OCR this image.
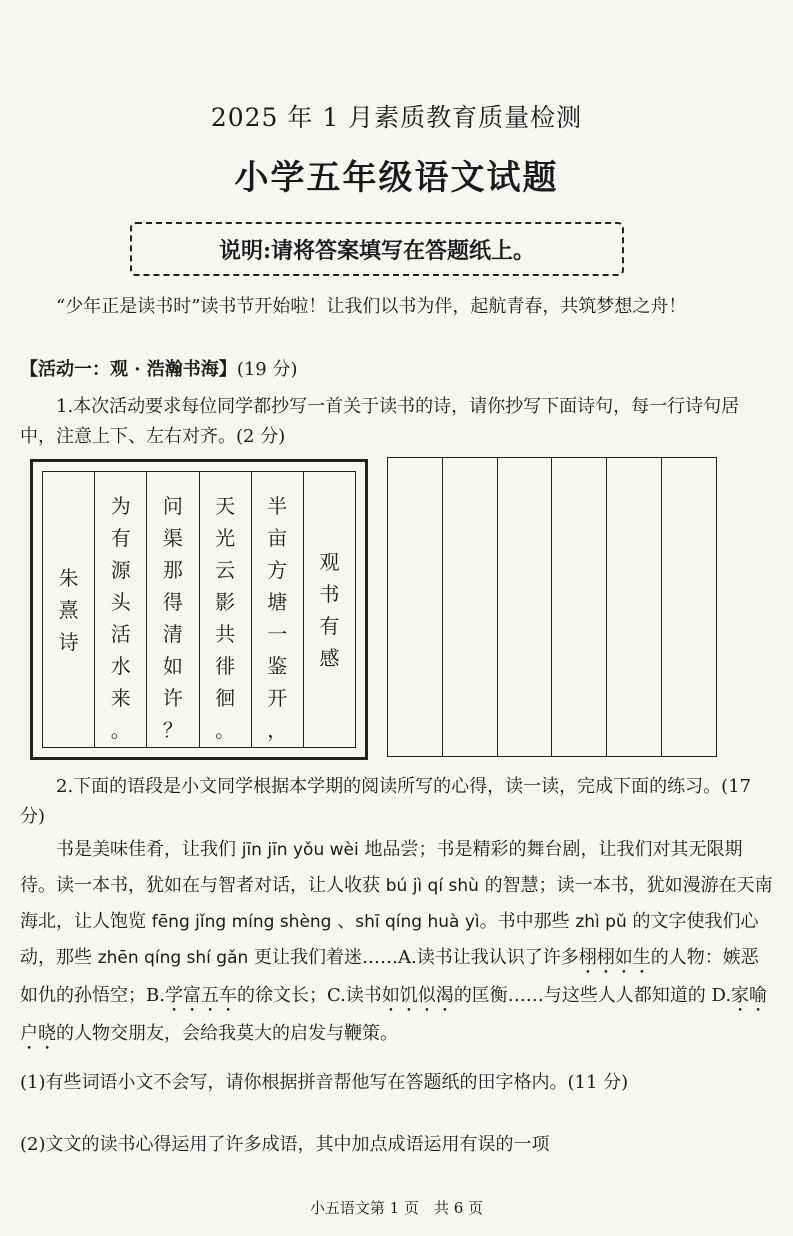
2025 年 1 月素质教育质量检测
小学五年级语文试题
说明:请将答案填写在答题纸上。
“少年正是读书时”读书节开始啦！让我们以书为伴，起航青春，共筑梦想之舟！
【活动一：观 · 浩瀚书海】(19 分)
1.本次活动要求每位同学都抄写一首关于读书的诗，请你抄写下面诗句，每一行诗句居中，注意上下、左右对齐。(2 分)
朱
熹
诗
为
有
源
头
活
水
来
。
问
渠
那
得
清
如
许
？
天
光
云
影
共
徘
徊
。
半
亩
方
塘
一
鉴
开
，
观
书
有
感
2.下面的语段是小文同学根据本学期的阅读所写的心得，读一读，完成下面的练习。(17 分)
书是美味佳肴，让我们 jīn jīn yǒu wèi 地品尝；书是精彩的舞台剧，让我们对其无限期待。读一本书，犹如在与智者对话，让人收获 bú jì qí shù 的智慧；读一本书，犹如漫游在天南海北，让人饱览 fēng jǐng míng shèng 、shī qíng huà yì。书中那些 zhì pǔ 的文字使我们心动，那些 zhēn qíng shí gǎn 更让我们着迷……A.读书让我认识了许多栩栩如生的人物：嫉恶如仇的孙悟空；B.学富五车的徐文长；C.读书如饥似渴的匡衡……与这些人人都知道的 D.家喻户晓的人物交朋友，会给我莫大的启发与鞭策。
(1)有些词语小文不会写，请你根据拼音帮他写在答题纸的田字格内。(11 分)
(2)文文的读书心得运用了许多成语，其中加点成语运用有误的一项
小五语文第 1 页　共 6 页
